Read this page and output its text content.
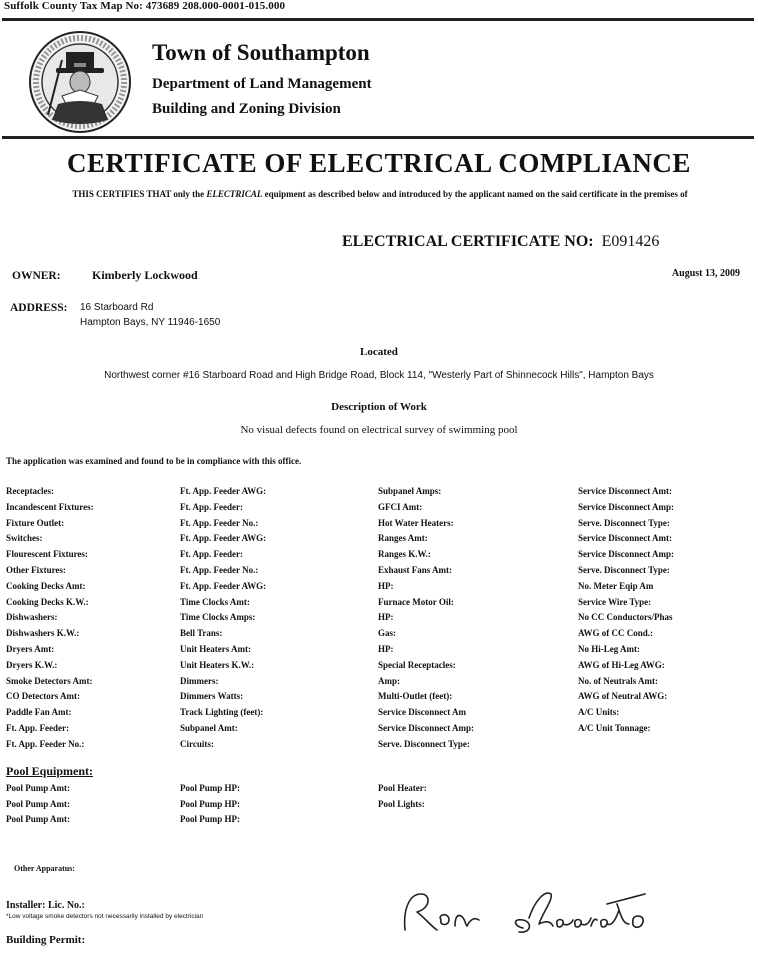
Suffolk County Tax Map No: 473689 208.000-0001-015.000
Town of Southampton
Department of Land Management
Building and Zoning Division
CERTIFICATE OF ELECTRICAL COMPLIANCE
THIS CERTIFIES THAT only the ELECTRICAL equipment as described below and introduced by the applicant named on the said certificate in the premises of
ELECTRICAL CERTIFICATE NO: E091426
OWNER:	Kimberly Lockwood	August 13, 2009
ADDRESS: 16 Starboard Rd
Hampton Bays, NY 11946-1650
Located
Northwest corner #16 Starboard Road and High Bridge Road, Block 114, "Westerly Part of Shinnecock Hills", Hampton Bays
Description of Work
No visual defects found on electrical survey of swimming pool
The application was examined and found to be in compliance with this office.
Receptacles:
Incandescent Fixtures:
Fixture Outlet:
Switches:
Flourescent Fixtures:
Other Fixtures:
Cooking Decks Amt:
Cooking Decks K.W.:
Dishwashers:
Dishwashers K.W.:
Dryers Amt:
Dryers K.W.:
Smoke Detectors Amt:
CO Detectors Amt:
Paddle Fan Amt:
Ft. App. Feeder:
Ft. App. Feeder No.:
Ft. App. Feeder AWG:
Ft. App. Feeder:
Ft. App. Feeder No.:
Ft. App. Feeder AWG:
Ft. App. Feeder:
Ft. App. Feeder No.:
Ft. App. Feeder AWG:
Time Clocks Amt:
Time Clocks Amps:
Bell Trans:
Unit Heaters Amt:
Unit Heaters K.W.:
Dimmers:
Dimmers Watts:
Track Lighting (feet):
Subpanel Amt:
Circuits:
Subpanel Amps:
GFCI Amt:
Hot Water Heaters:
Ranges Amt:
Ranges K.W.:
Exhaust Fans Amt:
HP:
Furnace Motor Oil:
HP:
Gas:
HP:
Special Receptacles:
Amp:
Multi-Outlet (feet):
Service Disconnect Am
Service Disconnect Amp:
Serve. Disconnect Type:
Service Disconnect Amt:
Service Disconnect Amp:
Serve. Disconnect Type:
Service Disconnect Amt:
Service Disconnect Amp:
Serve. Disconnect Type:
No. Meter Eqip Am
Service Wire Type:
No CC Conductors/Phas
AWG of CC Cond.:
No Hi-Leg Amt:
AWG of Hi-Leg AWG:
No. of Neutrals Amt:
AWG of Neutral AWG:
A/C Units:
A/C Unit Tonnage:
Pool Equipment:
Pool Pump Amt:
Pool Pump Amt:
Pool Pump Amt:
Pool Pump HP:
Pool Pump HP:
Pool Pump HP:
Pool Heater:
Pool Lights:
Other Apparatus:
Installer: Lic. No.:
*Low voltage smoke detectors not necessarily installed by electrician
Building Permit:
